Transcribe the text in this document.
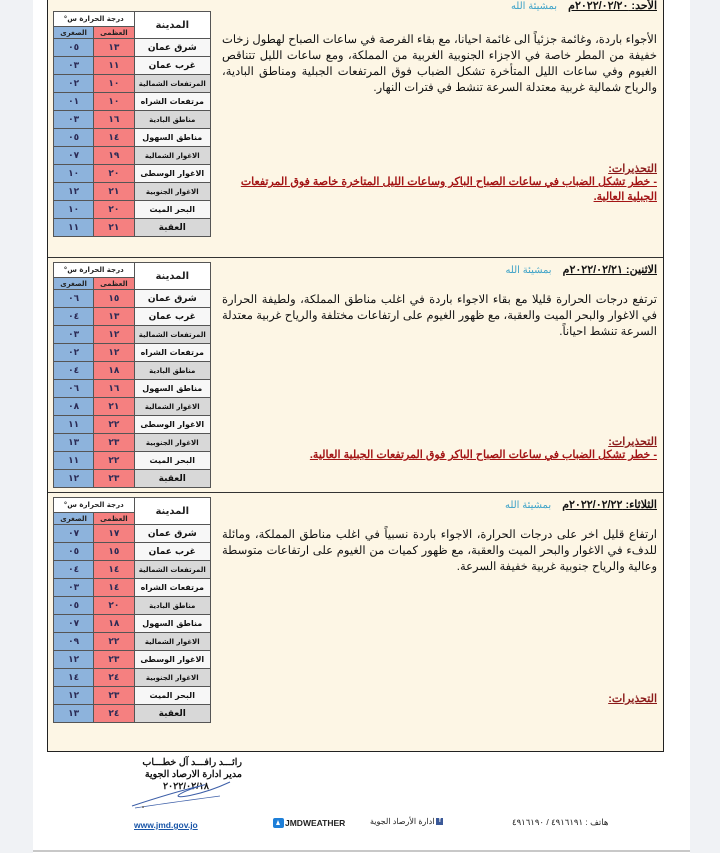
المدينة	درجة الحرارة س°	
	العظمى	الصغرى
شرق عمان	١٣	٠٥
غرب عمان	١١	٠٣
المرتفعات الشمالية	١٠	٠٢
مرتفعات الشراه	١٠	٠١
مناطق البادية	١٦	٠٣
مناطق السهول	١٤	٠٥
الاغوار الشمالية	١٩	٠٧
الاغوار الوسطى	٢٠	١٠
الاغوار الجنوبية	٢١	١٢
البحر الميت	٢٠	١٠
العقبة	٢١	١١
الأحد: ٢٠٢٢/٠٢/٢٠م بمشيئة الله
الأجواء باردة، وغائمة جزئياً الى غائمة احيانا، مع بقاء الفرصة في ساعات الصباح لهطول زخات خفيفة من المطر خاصة في الاجزاء الجنوبية الغربية من المملكة، ومع ساعات الليل تتناقص الغيوم وفي ساعات الليل المتأخرة تشكل الضباب فوق المرتفعات الجبلية ومناطق البادية، والرياح شمالية غربية معتدلة السرعة تنشط في فترات النهار.
التحذيرات:
- خطر تشكل الضباب في ساعات الصباح الباكر وساعات الليل المتاخرة خاصة فوق المرتفعات الجبلية العالية.
المدينة	درجة الحرارة س°	
	العظمى	الصغرى
شرق عمان	١٥	٠٦
غرب عمان	١٣	٠٤
المرتفعات الشمالية	١٢	٠٣
مرتفعات الشراه	١٢	٠٢
مناطق البادية	١٨	٠٤
مناطق السهول	١٦	٠٦
الاغوار الشمالية	٢١	٠٨
الاغوار الوسطى	٢٢	١١
الاغوار الجنوبية	٢٣	١٣
البحر الميت	٢٢	١١
العقبة	٢٣	١٢
الاثنين: ٢٠٢٢/٠٢/٢١م بمشيئة الله
ترتفع درجات الحرارة قليلا مع بقاء الاجواء باردة في اغلب مناطق المملكة، ولطيفة الحرارة في الاغوار والبحر الميت والعقبة، مع ظهور الغيوم على ارتفاعات مختلفة والرياح غربية معتدلة السرعة تنشط احياناً.
التحذيرات:
- خطر تشكل الضباب في ساعات الصباح الباكر فوق المرتفعات الجبلية العالية.
المدينة	درجة الحرارة س°	
	العظمى	الصغرى
شرق عمان	١٧	٠٧
غرب عمان	١٥	٠٥
المرتفعات الشمالية	١٤	٠٤
مرتفعات الشراه	١٤	٠٣
مناطق البادية	٢٠	٠٥
مناطق السهول	١٨	٠٧
الاغوار الشمالية	٢٢	٠٩
الاغوار الوسطى	٢٣	١٢
الاغوار الجنوبية	٢٤	١٤
البحر الميت	٢٣	١٢
العقبة	٢٤	١٣
الثلاثاء: ٢٠٢٢/٠٢/٢٢م بمشيئة الله
ارتفاع قليل اخر على درجات الحرارة، الاجواء باردة نسبياً في اغلب مناطق المملكة، ومائلة للدفء في الاغوار والبحر الميت والعقبة، مع ظهور كميات من الغيوم على ارتفاعات متوسطة وعالية والرياح جنوبية غربية خفيفة السرعة.
التحذيرات:
رائـــد رافـــد آل خطـــاب
مدير ادارة الارصاد الجوية
٢٠٢٢/٠٢/١٨
www.jmd.gov.jo	JMDWEATHER	f
ادارة الأرصاد الجوية	هاتف : ٤٩١٦١٩١ / ٤٩١٦١٩٠
